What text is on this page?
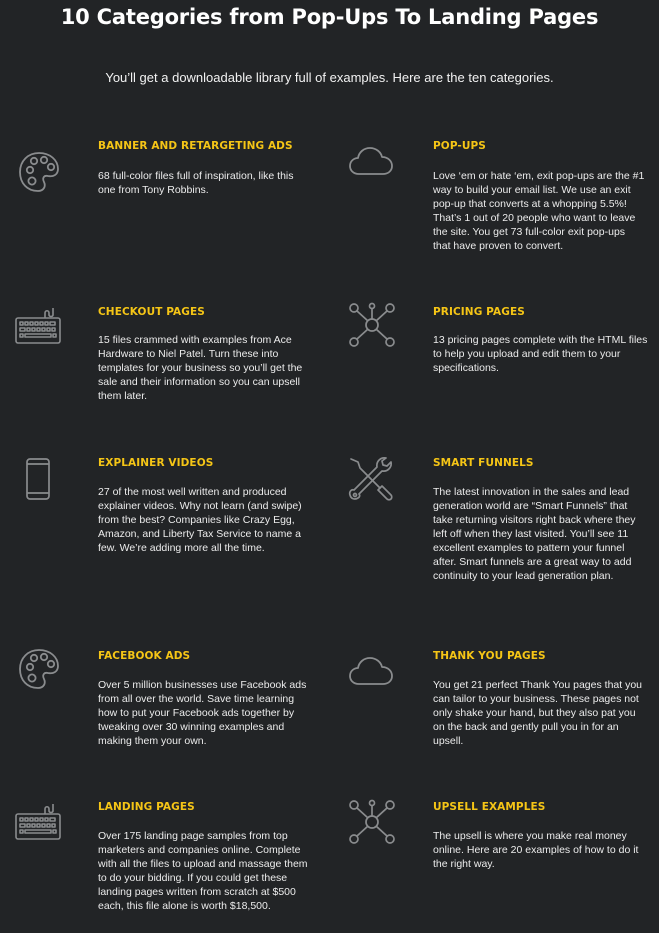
10 Categories from Pop-Ups To Landing Pages

You’ll get a downloadable library full of examples. Here are the ten categories.

BANNER AND RETARGETING ADS

68 full-color files full of inspiration, like this one from Tony Robbins.

POP-UPS

Love ‘em or hate ‘em, exit pop-ups are the #1 way to build your email list. We use an exit pop-up that converts at a whopping 5.5%! That’s 1 out of 20 people who want to leave the site. You get 73 full-color exit pop-ups that have proven to convert.

CHECKOUT PAGES

15 files crammed with examples from Ace Hardware to Niel Patel. Turn these into templates for your business so you’ll get the sale and their information so you can upsell them later.

PRICING PAGES

13 pricing pages complete with the HTML files to help you upload and edit them to your specifications.

EXPLAINER VIDEOS

27 of the most well written and produced explainer videos. Why not learn (and swipe) from the best? Companies like Crazy Egg, Amazon, and Liberty Tax Service to name a few. We’re adding more all the time.

SMART FUNNELS

The latest innovation in the sales and lead generation world are “Smart Funnels” that take returning visitors right back where they left off when they last visited. You’ll see 11 excellent examples to pattern your funnel after. Smart funnels are a great way to add continuity to your lead generation plan.

FACEBOOK ADS

Over 5 million businesses use Facebook ads from all over the world. Save time learning how to put your Facebook ads together by tweaking over 30 winning examples and making them your own.

THANK YOU PAGES

You get 21 perfect Thank You pages that you can tailor to your business. These pages not only shake your hand, but they also pat you on the back and gently pull you in for an upsell.

LANDING PAGES

Over 175 landing page samples from top marketers and companies online. Complete with all the files to upload and massage them to do your bidding. If you could get these landing pages written from scratch at $500 each, this file alone is worth $18,500.

UPSELL EXAMPLES

The upsell is where you make real money online. Here are 20 examples of how to do it the right way.
